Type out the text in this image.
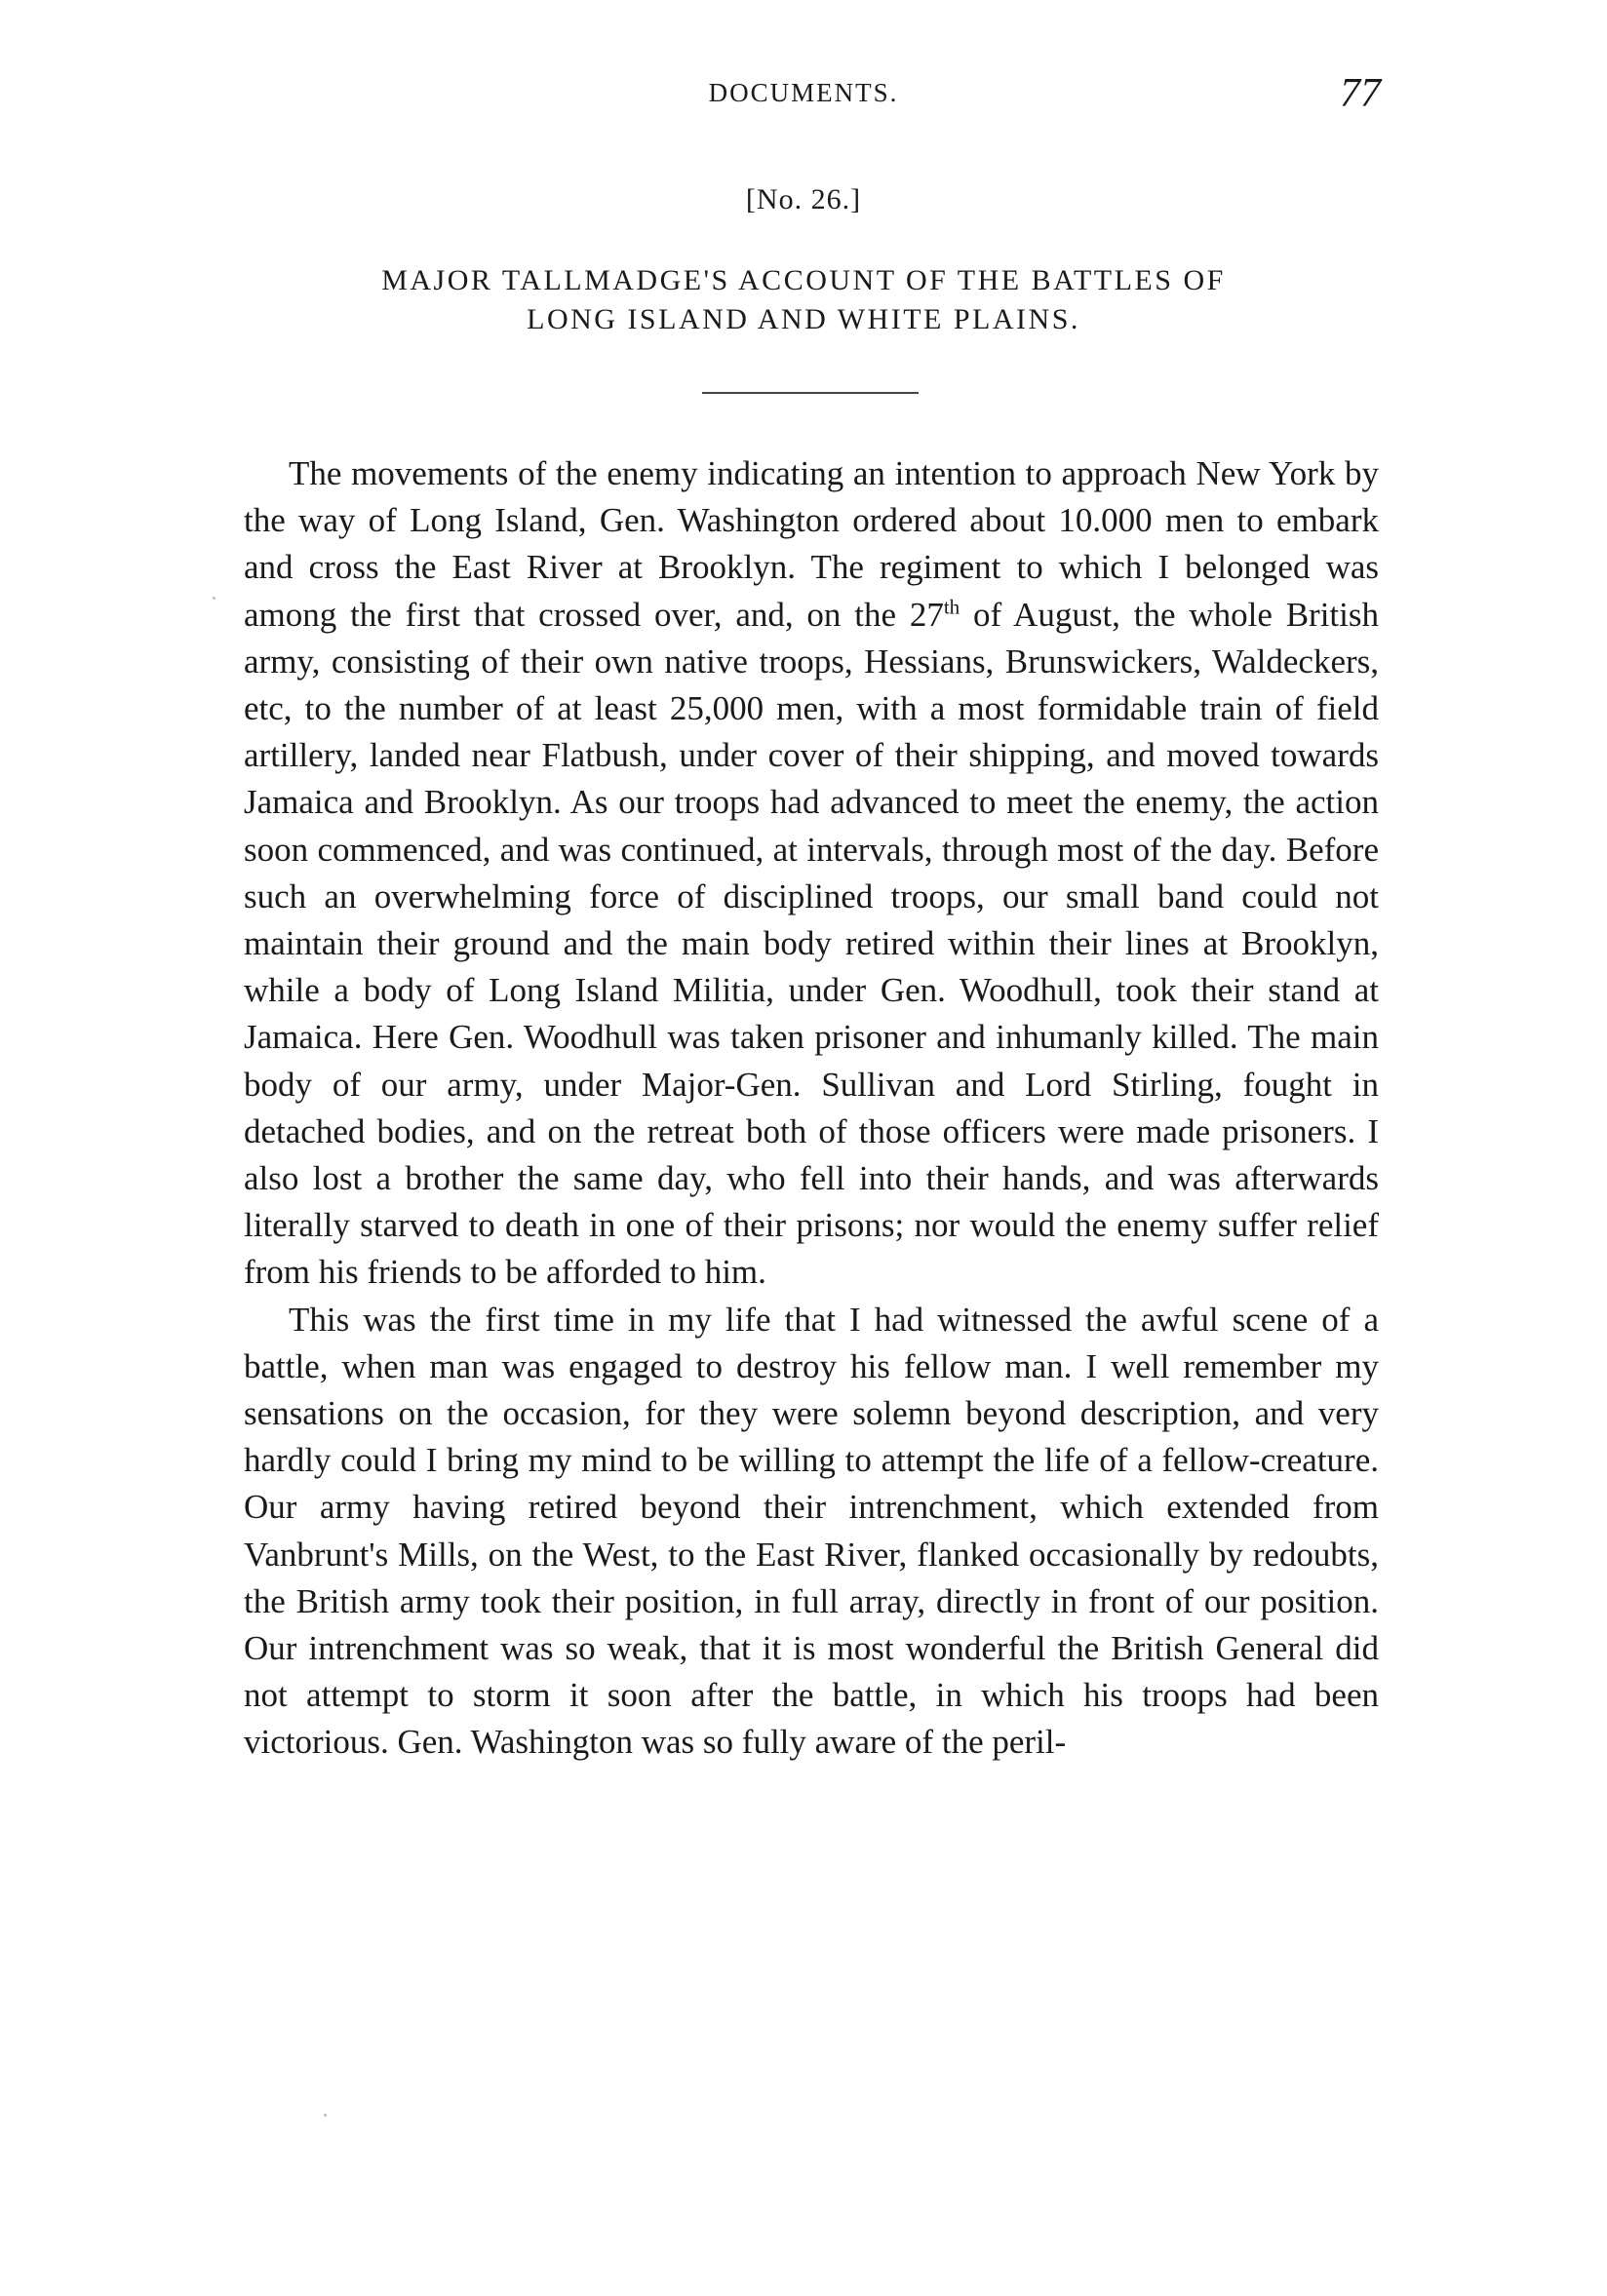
DOCUMENTS.	77
[No. 26.]
MAJOR TALLMADGE'S ACCOUNT OF THE BATTLES OF
LONG ISLAND AND WHITE PLAINS.

The movements of the enemy indicating an intention to approach New York by the way of Long Island, Gen. Washington ordered about 10.000 men to embark and cross the East River at Brooklyn. The regiment to which I belonged was among the first that crossed over, and, on the 27th of August, the whole British army, consisting of their own native troops, Hessians, Brunswickers, Waldeckers, etc, to the number of at least 25,000 men, with a most formidable train of field artillery, landed near Flatbush, under cover of their shipping, and moved towards Jamaica and Brooklyn. As our troops had advanced to meet the enemy, the action soon commenced, and was continued, at intervals, through most of the day. Before such an overwhelming force of disciplined troops, our small band could not maintain their ground and the main body retired within their lines at Brooklyn, while a body of Long Island Militia, under Gen. Woodhull, took their stand at Jamaica. Here Gen. Woodhull was taken prisoner and inhumanly killed. The main body of our army, under Major-Gen. Sullivan and Lord Stirling, fought in detached bodies, and on the retreat both of those officers were made prisoners. I also lost a brother the same day, who fell into their hands, and was afterwards literally starved to death in one of their prisons; nor would the enemy suffer relief from his friends to be afforded to him.

This was the first time in my life that I had witnessed the awful scene of a battle, when man was engaged to destroy his fellow man. I well remember my sensations on the occasion, for they were solemn beyond description, and very hardly could I bring my mind to be willing to attempt the life of a fellow-creature. Our army having retired beyond their intrenchment, which extended from Vanbrunt's Mills, on the West, to the East River, flanked occasionally by redoubts, the British army took their position, in full array, directly in front of our position. Our intrenchment was so weak, that it is most wonderful the British General did not attempt to storm it soon after the battle, in which his troops had been victorious. Gen. Washington was so fully aware of the peril-
